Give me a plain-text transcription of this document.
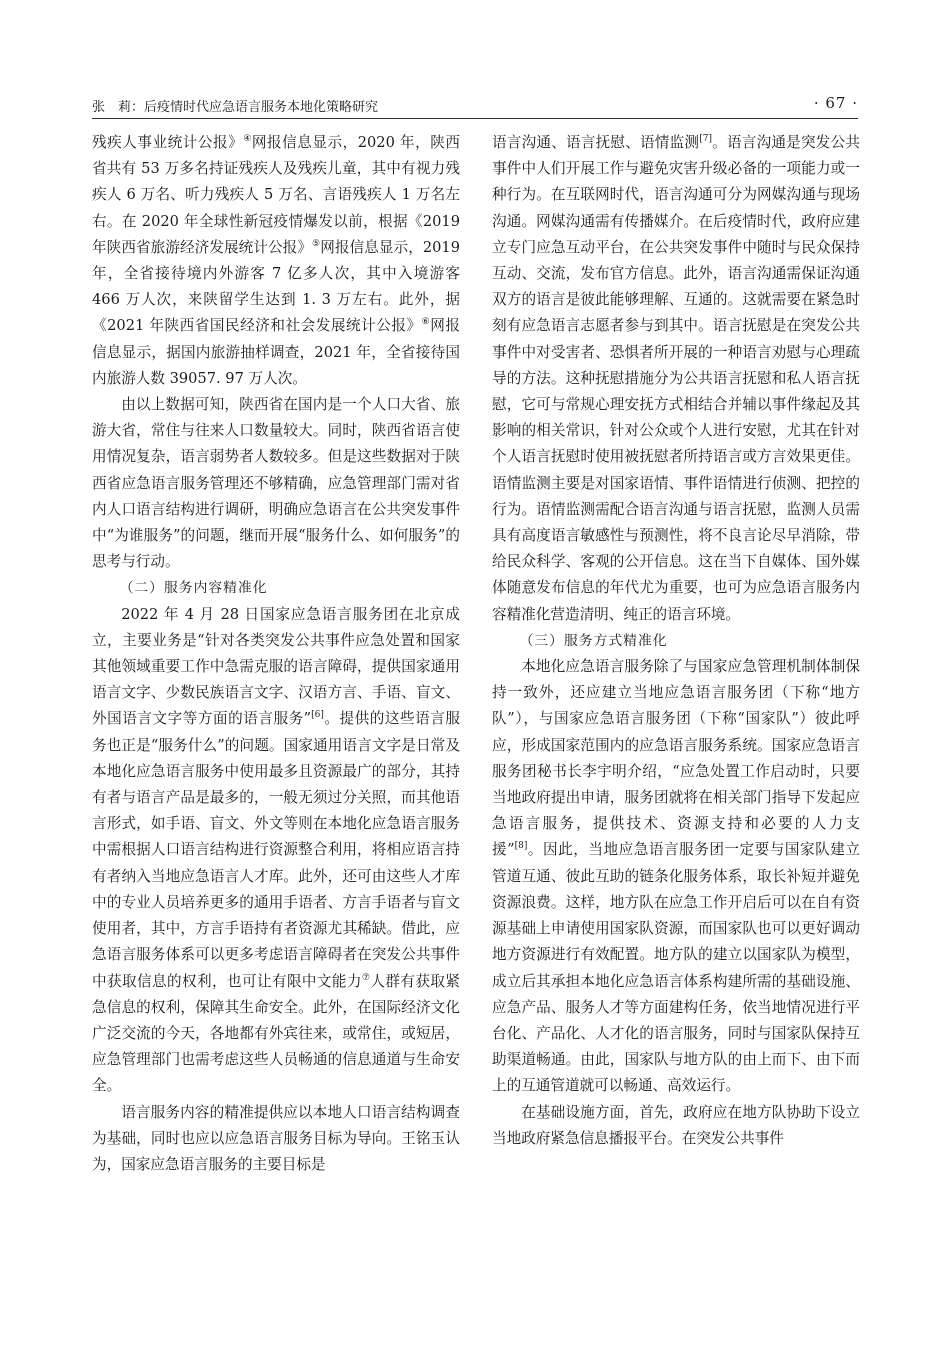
张　莉：后疫情时代应急语言服务本地化策略研究	· 67 ·

残疾人事业统计公报》④网报信息显示，2020 年，陕西省共有 53 万多名持证残疾人及残疾儿童，其中有视力残疾人 6 万名、听力残疾人 5 万名、言语残疾人 1 万名左右。在 2020 年全球性新冠疫情爆发以前，根据《2019 年陕西省旅游经济发展统计公报》⑤网报信息显示，2019 年，全省接待境内外游客 7 亿多人次，其中入境游客 466 万人次，来陕留学生达到 1. 3 万左右。此外，据《2021 年陕西省国民经济和社会发展统计公报》⑥网报信息显示，据国内旅游抽样调查，2021 年，全省接待国内旅游人数 39057. 97 万人次。

由以上数据可知，陕西省在国内是一个人口大省、旅游大省，常住与往来人口数量较大。同时，陕西省语言使用情况复杂，语言弱势者人数较多。但是这些数据对于陕西省应急语言服务管理还不够精确，应急管理部门需对省内人口语言结构进行调研，明确应急语言在公共突发事件中“为谁服务”的问题，继而开展“服务什么、如何服务”的思考与行动。

（二）服务内容精准化

2022 年 4 月 28 日国家应急语言服务团在北京成立，主要业务是“针对各类突发公共事件应急处置和国家其他领域重要工作中急需克服的语言障碍，提供国家通用语言文字、少数民族语言文字、汉语方言、手语、盲文、外国语言文字等方面的语言服务”[6]。提供的这些语言服务也正是“服务什么”的问题。国家通用语言文字是日常及本地化应急语言服务中使用最多且资源最广的部分，其持有者与语言产品是最多的，一般无须过分关照，而其他语言形式，如手语、盲文、外文等则在本地化应急语言服务中需根据人口语言结构进行资源整合利用，将相应语言持有者纳入当地应急语言人才库。此外，还可由这些人才库中的专业人员培养更多的通用手语者、方言手语者与盲文使用者，其中，方言手语持有者资源尤其稀缺。借此，应急语言服务体系可以更多考虑语言障碍者在突发公共事件中获取信息的权利，也可让有限中文能力⑦人群有获取紧急信息的权利，保障其生命安全。此外，在国际经济文化广泛交流的今天，各地都有外宾往来，或常住，或短居，应急管理部门也需考虑这些人员畅通的信息通道与生命安全。

语言服务内容的精准提供应以本地人口语言结构调查为基础，同时也应以应急语言服务目标为导向。王铭玉认为，国家应急语言服务的主要目标是

语言沟通、语言抚慰、语情监测[7]。语言沟通是突发公共事件中人们开展工作与避免灾害升级必备的一项能力或一种行为。在互联网时代，语言沟通可分为网媒沟通与现场沟通。网媒沟通需有传播媒介。在后疫情时代，政府应建立专门应急互动平台，在公共突发事件中随时与民众保持互动、交流，发布官方信息。此外，语言沟通需保证沟通双方的语言是彼此能够理解、互通的。这就需要在紧急时刻有应急语言志愿者参与到其中。语言抚慰是在突发公共事件中对受害者、恐惧者所开展的一种语言劝慰与心理疏导的方法。这种抚慰措施分为公共语言抚慰和私人语言抚慰，它可与常规心理安抚方式相结合并辅以事件缘起及其影响的相关常识，针对公众或个人进行安慰，尤其在针对个人语言抚慰时使用被抚慰者所持语言或方言效果更佳。语情监测主要是对国家语情、事件语情进行侦测、把控的行为。语情监测需配合语言沟通与语言抚慰，监测人员需具有高度语言敏感性与预测性，将不良言论尽早消除，带给民众科学、客观的公开信息。这在当下自媒体、国外媒体随意发布信息的年代尤为重要，也可为应急语言服务内容精准化营造清明、纯正的语言环境。

（三）服务方式精准化

本地化应急语言服务除了与国家应急管理机制体制保持一致外，还应建立当地应急语言服务团（下称“地方队”），与国家应急语言服务团（下称“国家队”）彼此呼应，形成国家范围内的应急语言服务系统。国家应急语言服务团秘书长李宇明介绍，“应急处置工作启动时，只要当地政府提出申请，服务团就将在相关部门指导下发起应急语言服务，提供技术、资源支持和必要的人力支援”[8]。因此，当地应急语言服务团一定要与国家队建立管道互通、彼此互助的链条化服务体系，取长补短并避免资源浪费。这样，地方队在应急工作开启后可以在自有资源基础上申请使用国家队资源，而国家队也可以更好调动地方资源进行有效配置。地方队的建立以国家队为模型，成立后其承担本地化应急语言体系构建所需的基础设施、应急产品、服务人才等方面建构任务，依当地情况进行平台化、产品化、人才化的语言服务，同时与国家队保持互助渠道畅通。由此，国家队与地方队的由上而下、由下而上的互通管道就可以畅通、高效运行。

在基础设施方面，首先，政府应在地方队协助下设立当地政府紧急信息播报平台。在突发公共事件
